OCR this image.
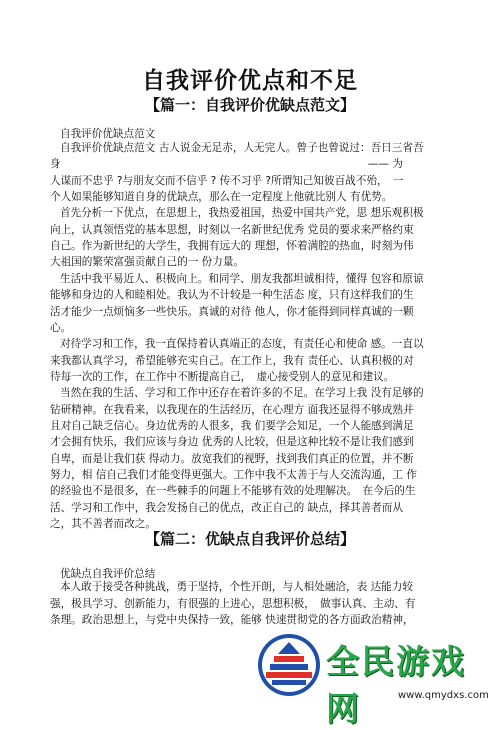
自我评价优点和不足
【篇一：自我评价优缺点范文】
自我评价优缺点范文
自我评价优缺点范文 古人说金无足赤，人无完人。曾子也曾说过：吾日三省吾
身　　　　　　　　　　　　　　　　　　　　　　　　　　　　　—— 为
人谋而不忠乎 ?与朋友交而不信乎 ? 传不习乎 ?所谓知己知彼百战不殆，　一
个人如果能够知道自身的优缺点，那么在一定程度上他就比别人 有优势。
首先分析一下优点，在思想上，我热爱祖国，热爱中国共产党，思 想乐观积极
向上，认真领悟党的基本思想，时刻以一名新世纪优秀 党员的要求来严格约束
自己。作为新世纪的大学生，我拥有远大的 理想，怀着满腔的热血，时刻为伟
大祖国的繁荣富强贡献自己的一 份力量。
生活中我平易近人、积极向上。和同学、朋友我都坦诚相待，懂得 包容和原谅
能够和身边的人和睦相处。我认为不计较是一种生活态 度，只有这样我们的生
活才能少一点烦恼多一些快乐。真诚的对待 他人，你才能得到同样真诚的一颗
心。
对待学习和工作，我一直保持着认真端正的态度，有责任心和使命 感。一直以
来我都认真学习，希望能够充实自己。在工作上，我有 责任心、认真积极的对
待每一次的工作，在工作中不断提高自己，　虚心接受别人的意见和建议。
当然在我的生活、学习和工作中还存在着许多的不足。在学习上我 没有足够的
钻研精神。在我看来，以我现在的生活经历，在心理方 面我还显得不够成熟并
且对自己缺乏信心。身边优秀的人很多，我 们要学会知足，一个人能感到满足
才会拥有快乐，我们应该与身边 优秀的人比较，但是这种比较不是让我们感到
自卑，而是让我们获 得动力。放宽我们的视野，找到我们真正的位置，并不断
努力，相 信自己我们才能变得更强大。工作中我不太善于与人交流沟通，工 作
的经验也不是很多，在一些棘手的问题上不能够有效的处理解决。　在今后的生
活、学习和工作中，我会发扬自己的优点，改正自己的 缺点，择其善者而从
之，其不善者而改之。
【篇二：优缺点自我评价总结】
优缺点自我评价总结
本人敢于接受各种挑战，勇于坚持，个性开朗，与人相处融洽，表 达能力较
强，极具学习、创新能力，有很强的上进心，思想积极，　做事认真、主动、有
条理。政治思想上，与党中央保持一致，能够 快速贯彻党的各方面政治精神，
全民游戏网	www.qmydxs.com
